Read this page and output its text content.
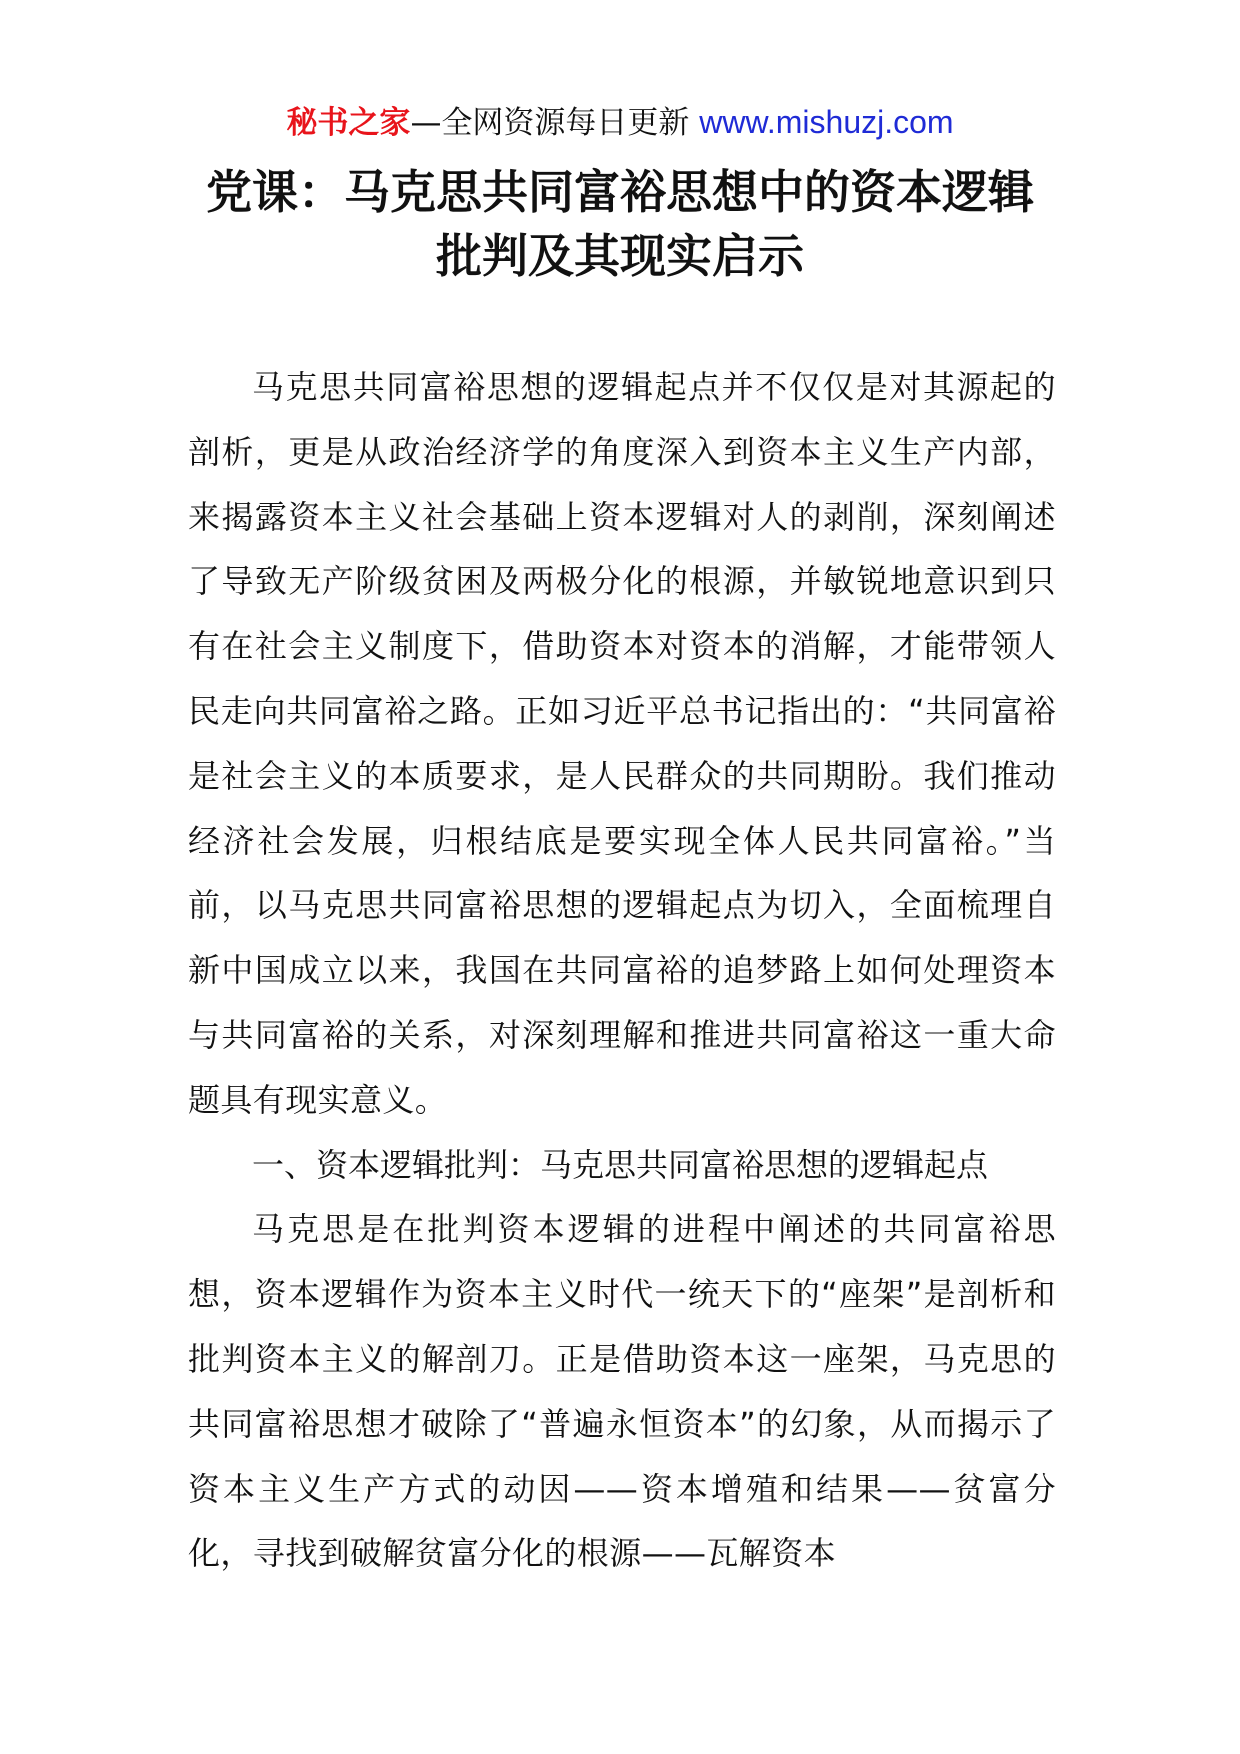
秘书之家—全网资源每日更新 www.mishuzj.com
党课：马克思共同富裕思想中的资本逻辑
批判及其现实启示

马克思共同富裕思想的逻辑起点并不仅仅是对其源起的剖析，更是从政治经济学的角度深入到资本主义生产内部，来揭露资本主义社会基础上资本逻辑对人的剥削，深刻阐述了导致无产阶级贫困及两极分化的根源，并敏锐地意识到只有在社会主义制度下，借助资本对资本的消解，才能带领人民走向共同富裕之路。正如习近平总书记指出的：“共同富裕是社会主义的本质要求，是人民群众的共同期盼。我们推动经济社会发展，归根结底是要实现全体人民共同富裕。”当前，以马克思共同富裕思想的逻辑起点为切入，全面梳理自新中国成立以来，我国在共同富裕的追梦路上如何处理资本与共同富裕的关系，对深刻理解和推进共同富裕这一重大命题具有现实意义。

一、资本逻辑批判：马克思共同富裕思想的逻辑起点

马克思是在批判资本逻辑的进程中阐述的共同富裕思想，资本逻辑作为资本主义时代一统天下的“座架”是剖析和批判资本主义的解剖刀。正是借助资本这一座架，马克思的共同富裕思想才破除了“普遍永恒资本”的幻象，从而揭示了资本主义生产方式的动因——资本增殖和结果——贫富分化，寻找到破解贫富分化的根源——瓦解资本
